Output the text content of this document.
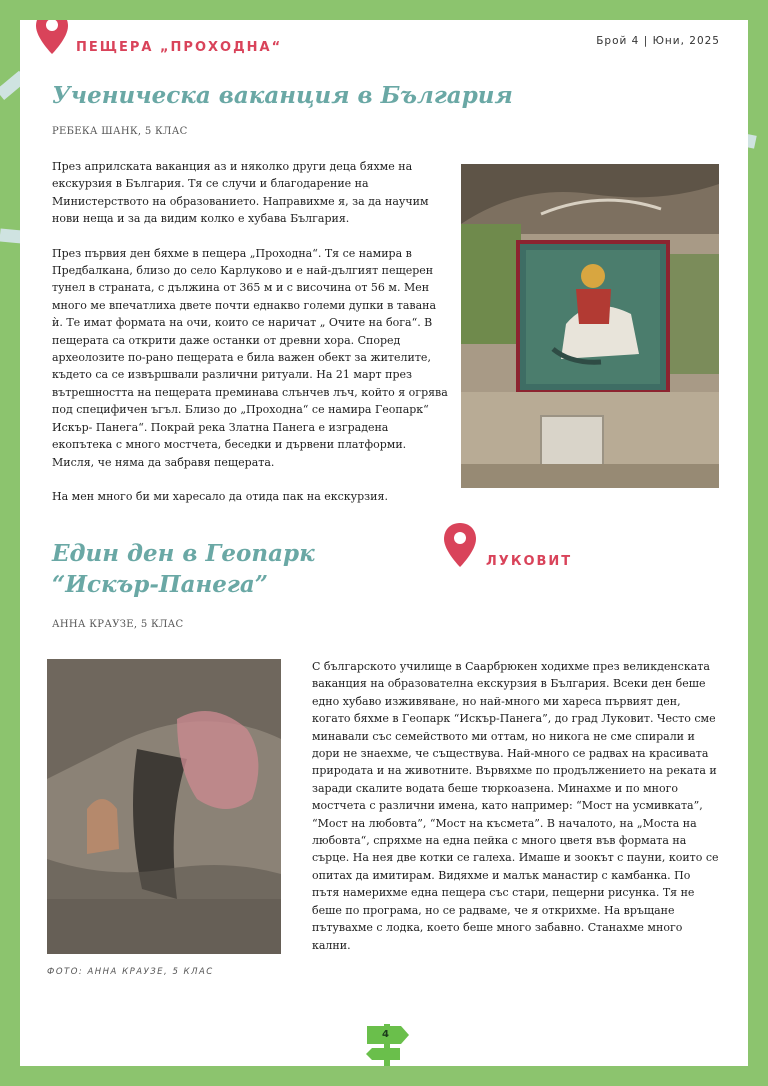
ПЕЩЕРА „ПРОХОДНА“	Брой 4 | Юни, 2025
Ученическа ваканция в България
РЕБЕКА ШАНК, 5 КЛАС

През априлската ваканция аз и няколко други деца бяхме на екскурзия в България. Тя се случи и благодарение на Министерството на образованието. Направихме я, за да научим нови неща и за да видим колко е хубава България.

През първия ден бяхме в пещера „Проходна“. Тя се намира в Предбалкана, близо до село Карлуково и е най-дългият пещерен тунел в страната, с дължина от 365 м и с височина от 56 м. Мен много ме впечатлиха двете почти еднакво големи дупки в тавана ѝ. Те имат формата на очи, които се наричат „ Очите на бога“. В пещерата са открити даже останки от древни хора. Според археолозите по-рано пещерата е била важен обект за жителите, където са се извършвали различни ритуали. На 21 март през вътрешността на пещерата преминава слънчев лъч, който я огрява под специфичен ъгъл. Близо до „Проходна“ се намира Геопарк“ Искър- Панега“. Покрай река Златна Панега е изградена екопътека с много мостчета, беседки и дървени платформи. Мисля, че няма да забравя пещерата.

На мен много би ми харесало да отида пак на екскурзия.

ЛУКОВИТ
Един ден в Геопарк
“Искър-Панега”
АННА КРАУЗЕ, 5 КЛАС
ФОТО: АННА КРАУЗЕ, 5 КЛАС

С българското училище в Саарбрюкен ходихме през великденската ваканция на образователна екскурзия в България. Всеки ден беше едно хубаво изживяване, но най-много ми хареса първият ден, когато бяхме в Геопарк “Искър-Панега”, до град Луковит. Често сме минавали със семейството ми оттам, но никога не сме спирали и дори не знаехме, че съществува. Най-много се радвах на красивата природата и на животните. Вървяхме по продължението на реката и заради скалите водата беше тюркоазена. Минахме и по много мостчета с различни имена, като например: “Мост на усмивката”, “Мост на любовта”, “Мост на късмета”. В началото, на „Моста на любовта“, спряхме на една пейка с много цветя във формата на сърце. На нея две котки се галеха. Имаше и зоокът с пауни, които се опитах да имитирам. Видяхме и малък манастир с камбанка. По пътя намерихме една пещера със стари, пещерни рисунка. Тя не беше по програма, но се радваме, че я открихме. На връщане пътувахме с лодка, което беше много забавно. Станахме много кални.

4
